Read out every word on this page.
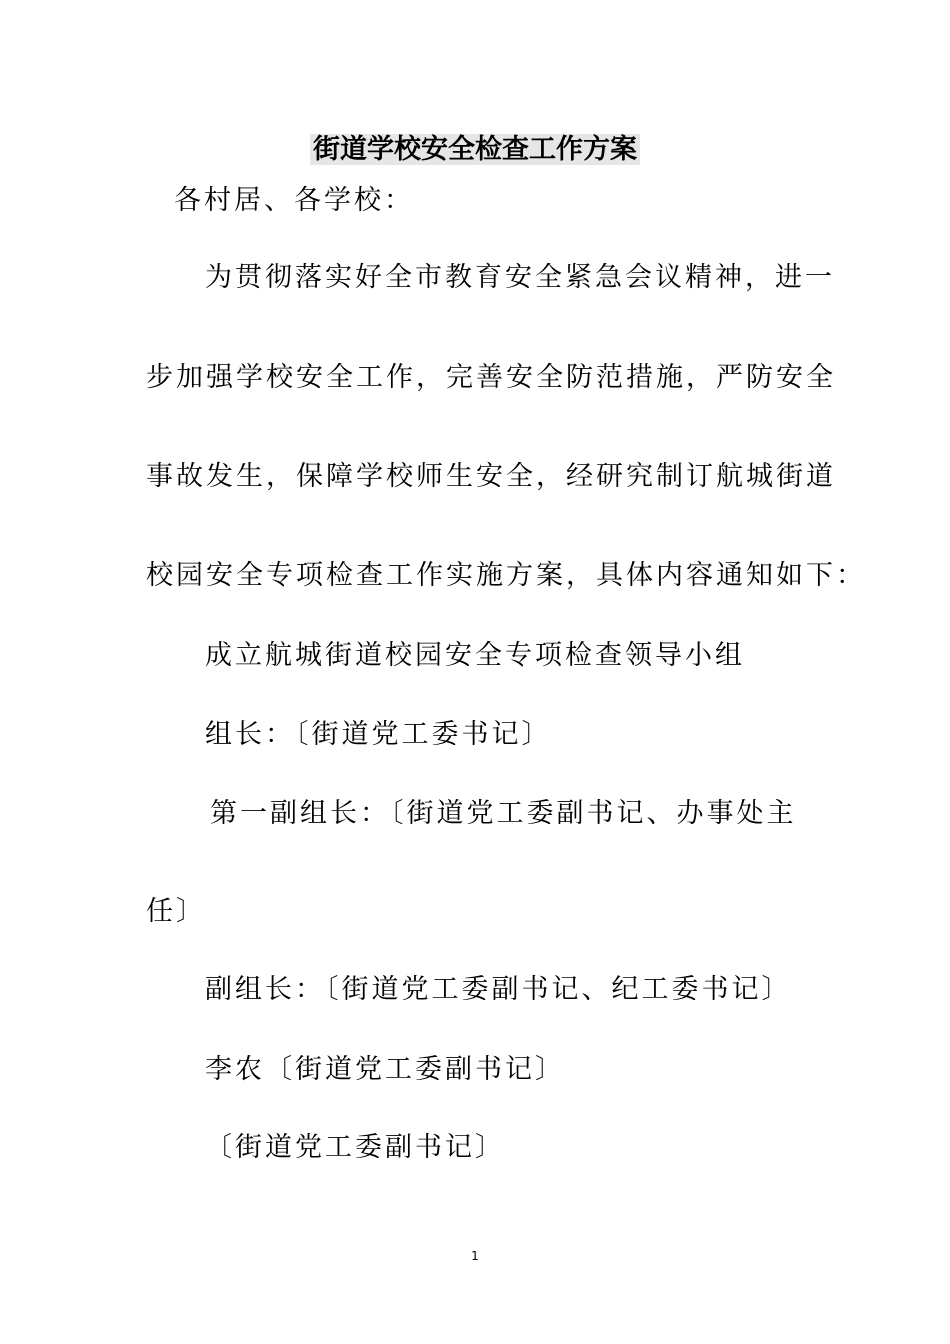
街道学校安全检查工作方案
各村居、各学校：
为贯彻落实好全市教育安全紧急会议精神，进一
步加强学校安全工作，完善安全防范措施，严防安全
事故发生，保障学校师生安全，经研究制订航城街道
校园安全专项检查工作实施方案，具体内容通知如下：
成立航城街道校园安全专项检查领导小组
组长：〔街道党工委书记〕
第一副组长：〔街道党工委副书记、办事处主
任〕
副组长：〔街道党工委副书记、纪工委书记〕
李农〔街道党工委副书记〕
〔街道党工委副书记〕
1
